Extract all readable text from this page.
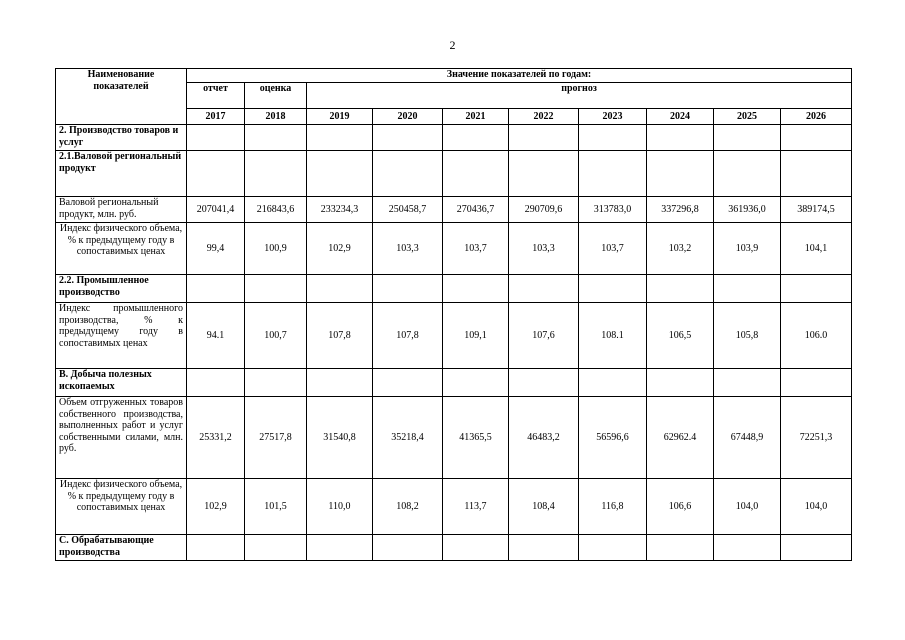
2
Наименование показателей	Значение показателей по годам:									
	отчет	оценка	прогноз							
	2017	2018	2019	2020	2021	2022	2023	2024	2025	2026
2. Производство товаров и услуг										
2.1.Валовой региональный продукт										
Валовой региональный продукт, млн. руб.	207041,4	216843,6	233234,3	250458,7	270436,7	290709,6	313783,0	337296,8	361936,0	389174,5
Индекс физического объема, % к предыдущему году в сопоставимых ценах	99,4	100,9	102,9	103,3	103,7	103,3	103,7	103,2	103,9	104,1
2.2. Промышленное производство										
Индекс промышленного производства, % к предыдущему году в сопоставимых ценах	94.1	100,7	107,8	107,8	109,1	107,6	108.1	106,5	105,8	106.0
B. Добыча полезных ископаемых										
Объем отгруженных товаров собственного производства, выполненных работ и услуг собственными силами, млн. руб.	25331,2	27517,8	31540,8	35218,4	41365,5	46483,2	56596,6	62962.4	67448,9	72251,3
Индекс физического объема, % к предыдущему году в сопоставимых ценах	102,9	101,5	110,0	108,2	113,7	108,4	116,8	106,6	104,0	104,0
C. Обрабатывающие производства										
